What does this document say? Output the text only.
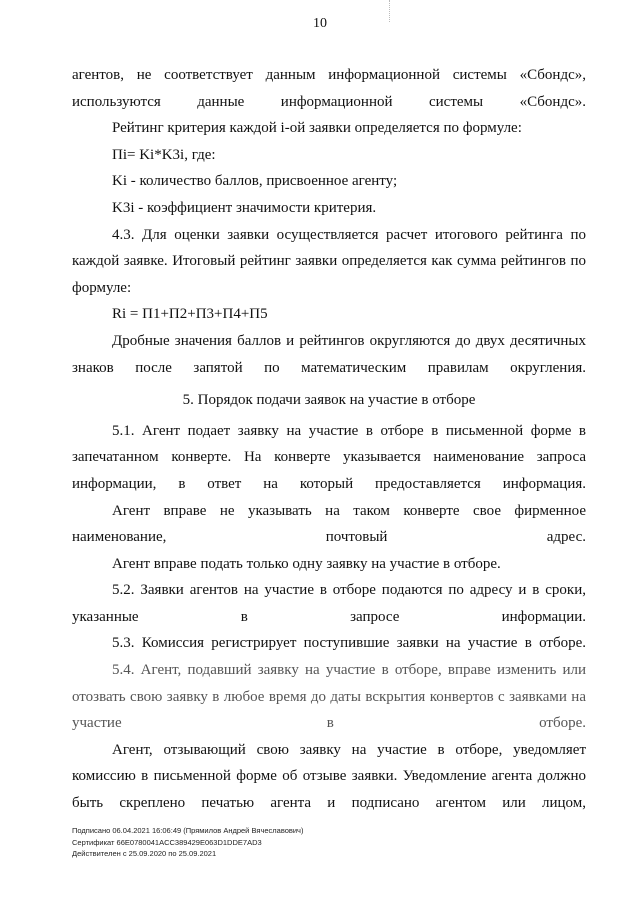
10

агентов, не соответствует данным информационной системы «Сбондс», используются данные информационной системы «Сбондс».

Рейтинг критерия каждой i-ой заявки определяется по формуле:

Пi= Ki*K3i, где:

Ki - количество баллов, присвоенное агенту;

K3i - коэффициент значимости критерия.

4.3. Для оценки заявки осуществляется расчет итогового рейтинга по каждой заявке. Итоговый рейтинг заявки определяется как сумма рейтингов по формуле:

Ri = П1+П2+П3+П4+П5

Дробные значения баллов и рейтингов округляются до двух десятичных знаков после запятой по математическим правилам округления.

5. Порядок подачи заявок на участие в отборе

5.1. Агент подает заявку на участие в отборе в письменной форме в запечатанном конверте. На конверте указывается наименование запроса информации, в ответ на который предоставляется информация.

Агент вправе не указывать на таком конверте свое фирменное наименование, почтовый адрес.

Агент вправе подать только одну заявку на участие в отборе.

5.2. Заявки агентов на участие в отборе подаются по адресу и в сроки, указанные в запросе информации.

5.3. Комиссия регистрирует поступившие заявки на участие в отборе.

5.4. Агент, подавший заявку на участие в отборе, вправе изменить или отозвать свою заявку в любое время до даты вскрытия конвертов с заявками на участие в отборе.

Агент, отзывающий свою заявку на участие в отборе, уведомляет комиссию в письменной форме об отзыве заявки. Уведомление агента должно быть скреплено печатью агента и подписано агентом или лицом,

Подписано 06.04.2021 16:06:49 (Прямилов Андрей Вячеславович)
Сертификат 66E0780041ACC389429E063D1DDE7AD3
Действителен с 25.09.2020 по 25.09.2021
